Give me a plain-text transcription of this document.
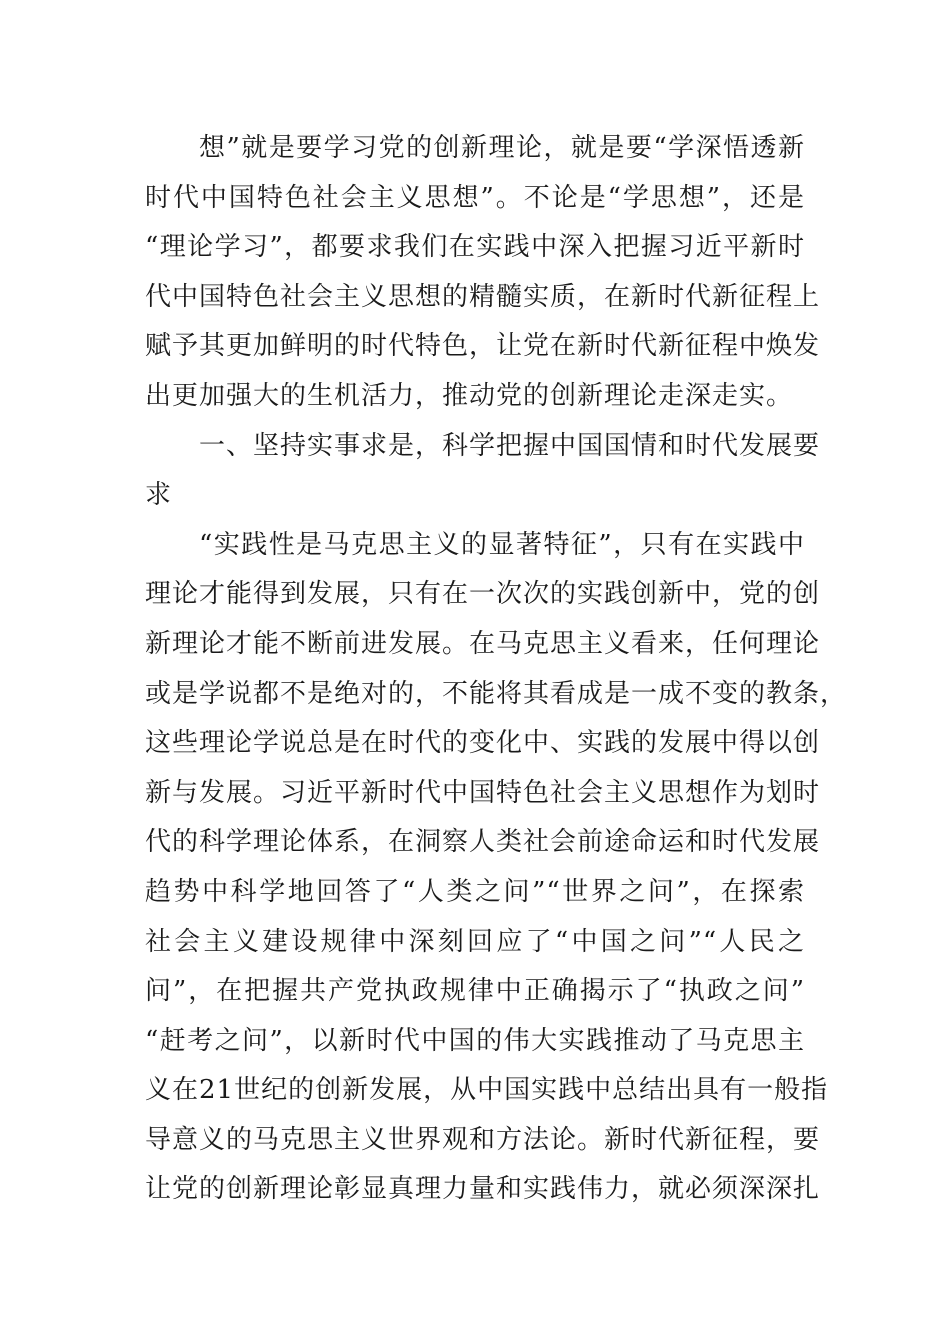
想”就是要学习党的创新理论，就是要“学深悟透新
时代中国特色社会主义思想”。不论是“学思想”，还是
“理论学习”，都要求我们在实践中深入把握习近平新时
代中国特色社会主义思想的精髓实质，在新时代新征程上
赋予其更加鲜明的时代特色，让党在新时代新征程中焕发
出更加强大的生机活力，推动党的创新理论走深走实。
一、坚持实事求是，科学把握中国国情和时代发展要
求
“实践性是马克思主义的显著特征”，只有在实践中
理论才能得到发展，只有在一次次的实践创新中，党的创
新理论才能不断前进发展。在马克思主义看来，任何理论
或是学说都不是绝对的，不能将其看成是一成不变的教条，
这些理论学说总是在时代的变化中、实践的发展中得以创
新与发展。习近平新时代中国特色社会主义思想作为划时
代的科学理论体系，在洞察人类社会前途命运和时代发展
趋势中科学地回答了“人类之问”“世界之问”，在探索
社会主义建设规律中深刻回应了“中国之问”“人民之
问”，在把握共产党执政规律中正确揭示了“执政之问”
“赶考之问”，以新时代中国的伟大实践推动了马克思主
义在21世纪的创新发展，从中国实践中总结出具有一般指
导意义的马克思主义世界观和方法论。新时代新征程，要
让党的创新理论彰显真理力量和实践伟力，就必须深深扎
